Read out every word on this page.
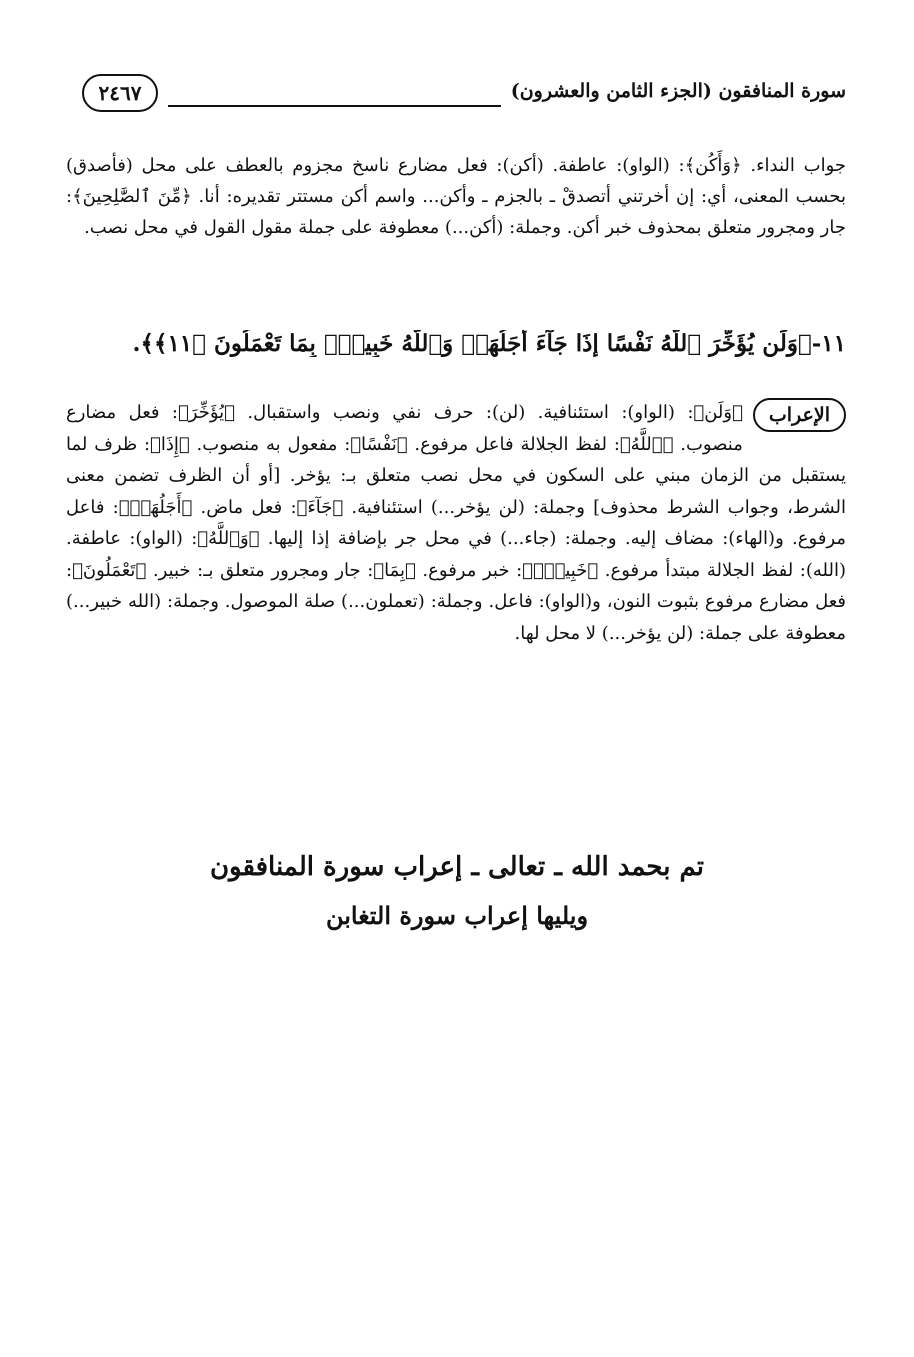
سورة المنافقون (الجزء الثامن والعشرون)
٢٤٦٧

جواب النداء. ﴿وَأَكُن﴾: (الواو): عاطفة. (أكن): فعل مضارع ناسخ مجزوم بالعطف على محل (فأصدق) بحسب المعنى، أي: إن أخرتني أتصدقْ ـ بالجزم ـ وأكن... واسم أكن مستتر تقديره: أنا. ﴿مِّنَ ٱلصَّٰلِحِينَ﴾: جار ومجرور متعلق بمحذوف خبر أكن. وجملة: (أكن...) معطوفة على جملة مقول القول في محل نصب.

١١-﴿وَلَن يُؤَخِّرَ ٱللَّهُ نَفْسًا إِذَا جَآءَ أَجَلُهَاۚ وَٱللَّهُ خَبِيرٌۢ بِمَا تَعْمَلُونَ ﴿١١﴾﴾.
الإعراب

﴿وَلَن﴾: (الواو): استئنافية. (لن): حرف نفي ونصب واستقبال. ﴿يُؤَخِّرَ﴾: فعل مضارع منصوب. ﴿ٱللَّهُ﴾: لفظ الجلالة فاعل مرفوع. ﴿نَفْسًا﴾: مفعول به منصوب. ﴿إِذَا﴾: ظرف لما يستقبل من الزمان مبني على السكون في محل نصب متعلق بـ: يؤخر. [أو أن الظرف تضمن معنى الشرط، وجواب الشرط محذوف] وجملة: (لن يؤخر...) استئنافية. ﴿جَآءَ﴾: فعل ماض. ﴿أَجَلُهَاۚ﴾: فاعل مرفوع. و(الهاء): مضاف إليه. وجملة: (جاء...) في محل جر بإضافة إذا إليها. ﴿وَٱللَّهُ﴾: (الواو): عاطفة. (الله): لفظ الجلالة مبتدأ مرفوع. ﴿خَبِيرٌۢ﴾: خبر مرفوع. ﴿بِمَا﴾: جار ومجرور متعلق بـ: خبير. ﴿تَعْمَلُونَ﴾: فعل مضارع مرفوع بثبوت النون، و(الواو): فاعل. وجملة: (تعملون...) صلة الموصول. وجملة: (الله خبير...) معطوفة على جملة: (لن يؤخر...) لا محل لها.

تم بحمد الله ـ تعالى ـ إعراب سورة المنافقون
ويليها إعراب سورة التغابن
